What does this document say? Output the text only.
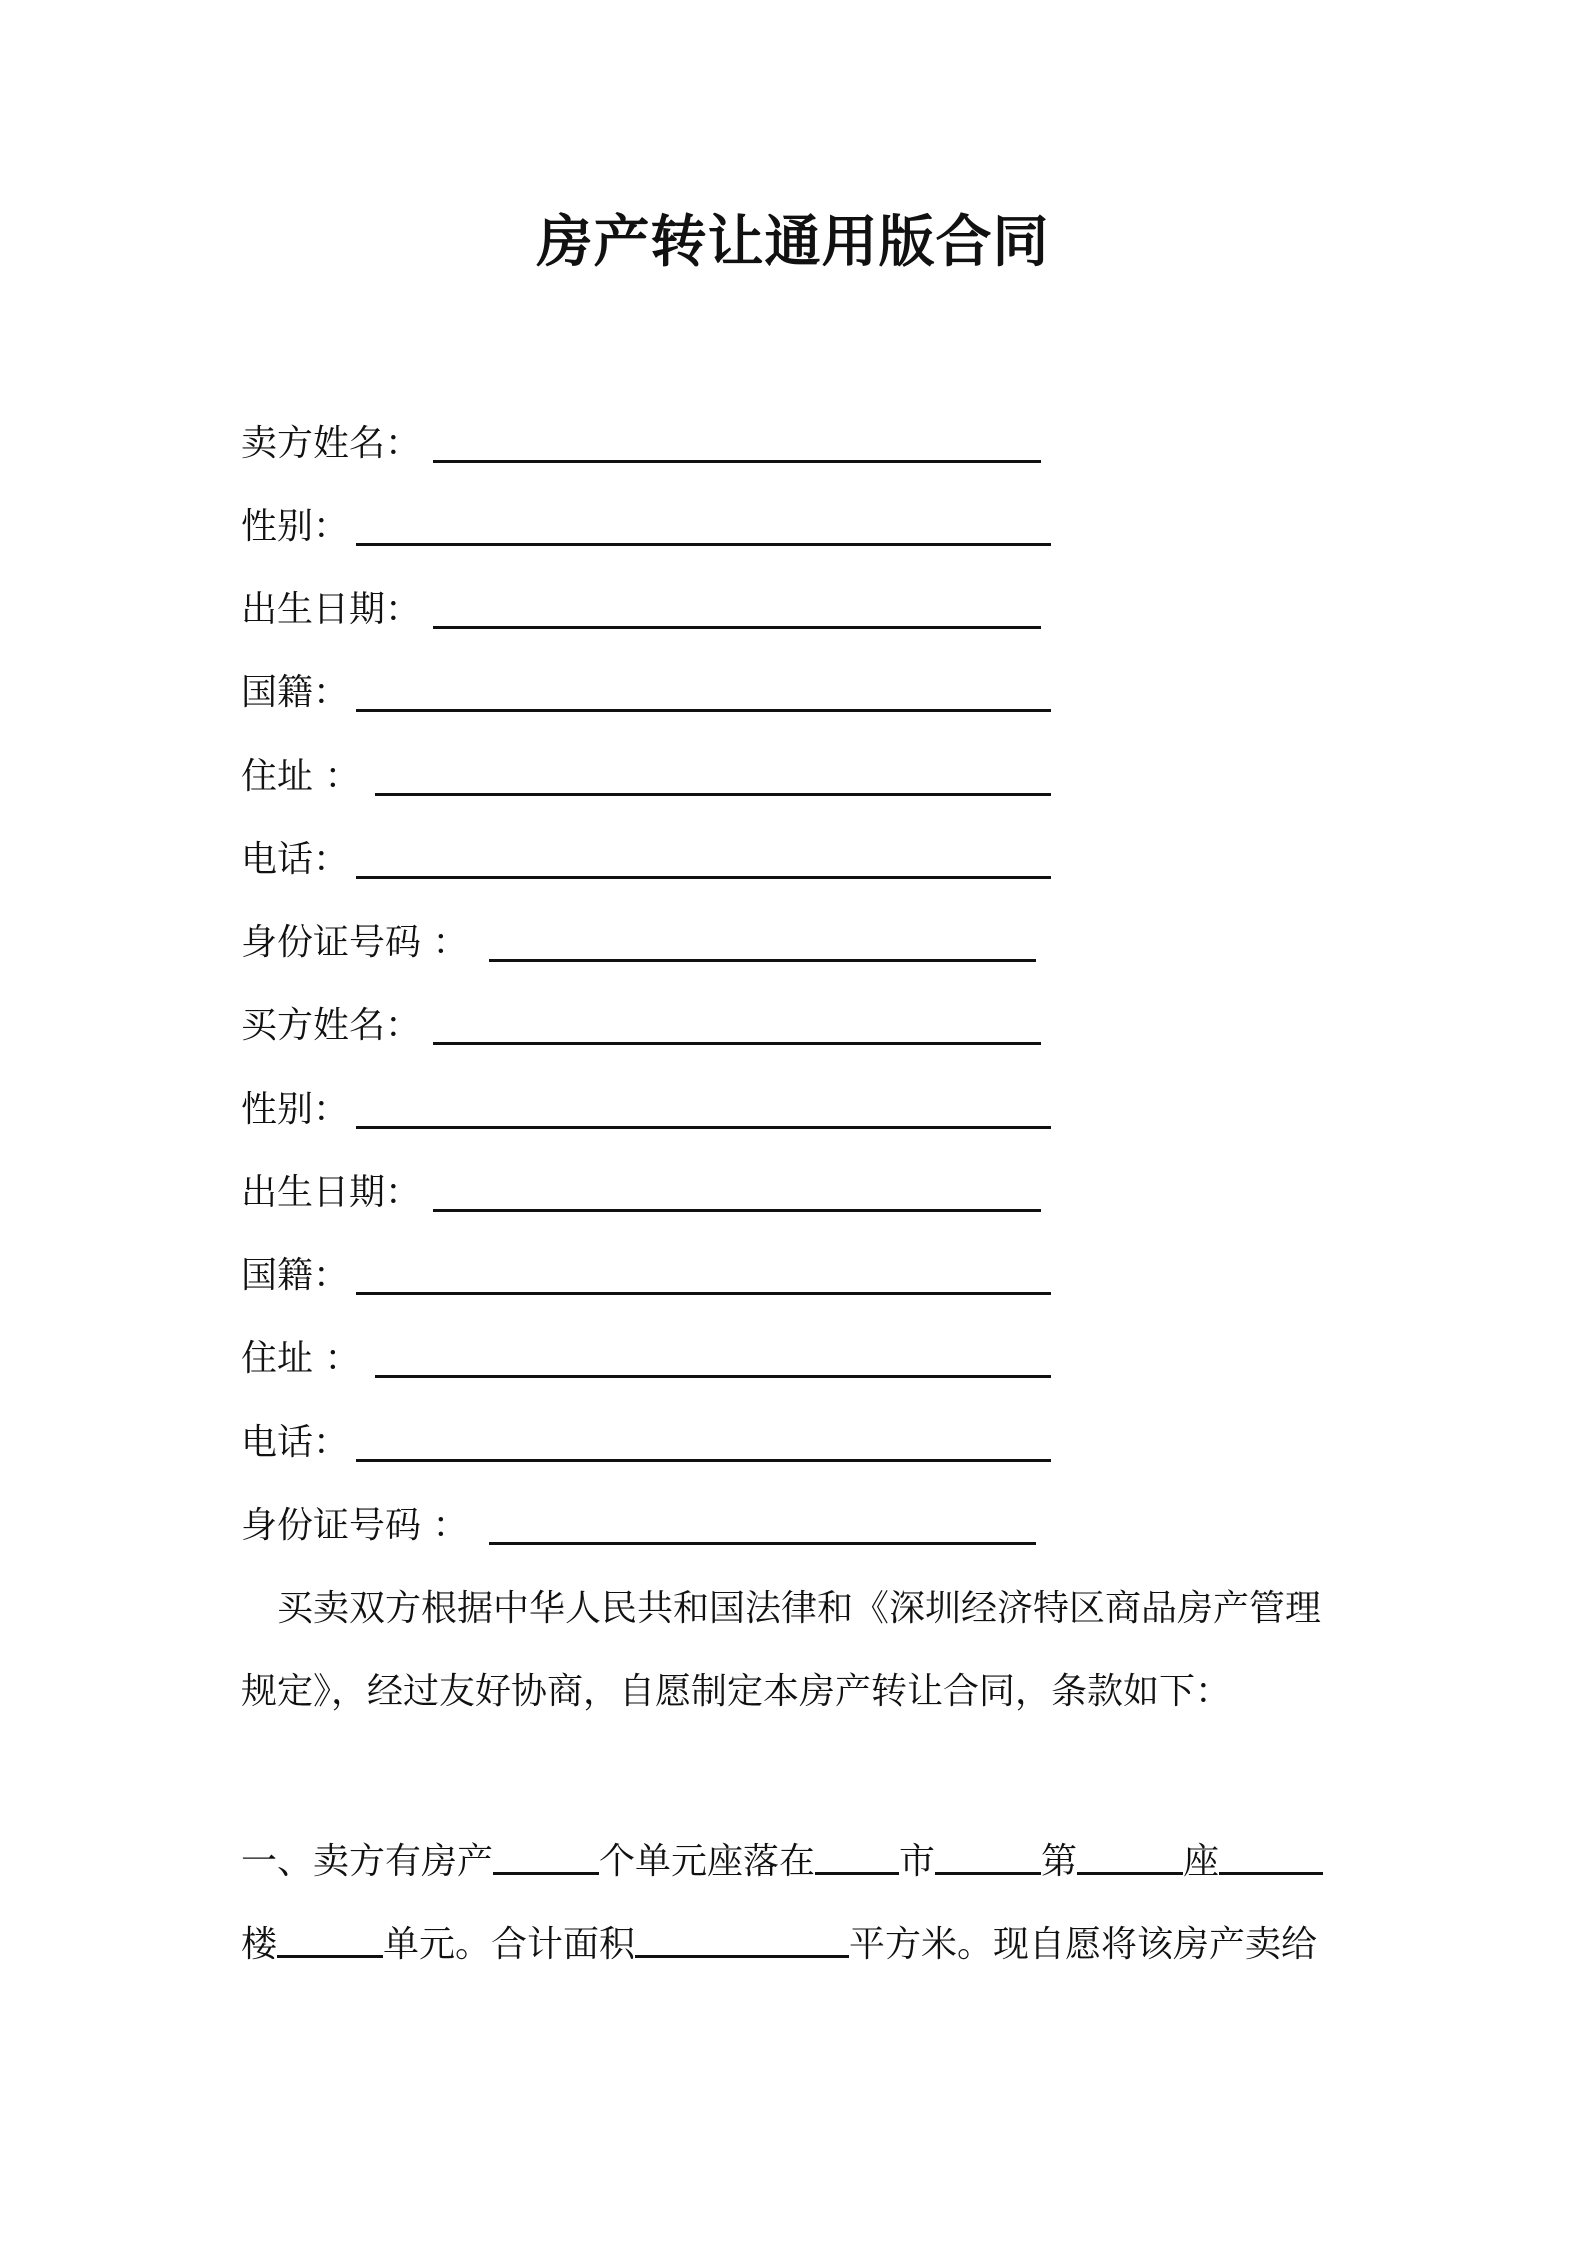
房产转让通用版合同
卖方姓名：
性别：
出生日期：
国籍：
住址 ：
电话：
身份证号码 ：
买方姓名：
性别：
出生日期：
国籍：
住址 ：
电话：
身份证号码 ：
买卖双方根据中华人民共和国法律和《深圳经济特区商品房产管理
规定》，经过友好协商，自愿制定本房产转让合同，条款如下：
一、卖方有房产	个单元座落在 市	第	座
楼	单元。合计面积	平方米。现自愿将该房产卖给
